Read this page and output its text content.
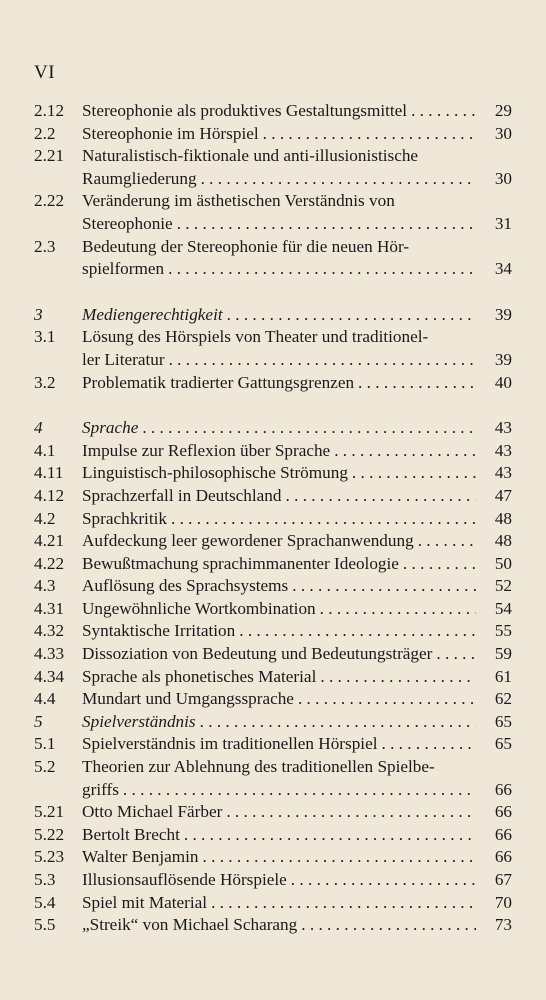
VI
2.12	Stereophonie als produktives Gestaltungsmittel . . .	29
2.2	Stereophonie im Hörspiel . . .	30
2.21	Naturalistisch-fiktionale und anti-illusionistische
Raumgliederung . . .	30
2.22	Veränderung im ästhetischen Verständnis von
Stereophonie . . .	31
2.3	Bedeutung der Stereophonie für die neuen Hör-
spielformen . . .	34
3	Mediengerechtigkeit . . .	39
3.1	Lösung des Hörspiels von Theater und traditionel-
ler Literatur . . .	39
3.2	Problematik tradierter Gattungsgrenzen . . .	40
4	Sprache . . .	43
4.1	Impulse zur Reflexion über Sprache . . .	43
4.11	Linguistisch-philosophische Strömung . . .	43
4.12	Sprachzerfall in Deutschland . . .	47
4.2	Sprachkritik . . .	48
4.21	Aufdeckung leer gewordener Sprachanwendung . . .	48
4.22	Bewußtmachung sprachimmanenter Ideologie . . .	50
4.3	Auflösung des Sprachsystems . . .	52
4.31	Ungewöhnliche Wortkombination . . .	54
4.32	Syntaktische Irritation . . .	55
4.33	Dissoziation von Bedeutung und Bedeutungsträger . . .	59
4.34	Sprache als phonetisches Material . . .	61
4.4	Mundart und Umgangssprache . . .	62
5	Spielverständnis . . .	65
5.1	Spielverständnis im traditionellen Hörspiel . . .	65
5.2	Theorien zur Ablehnung des traditionellen Spielbe-
griffs . . .	66
5.21	Otto Michael Färber . . .	66
5.22	Bertolt Brecht . . .	66
5.23	Walter Benjamin . . .	66
5.3	Illusionsauflösende Hörspiele . . .	67
5.4	Spiel mit Material . . .	70
5.5	„Streik“ von Michael Scharang . . .	73
